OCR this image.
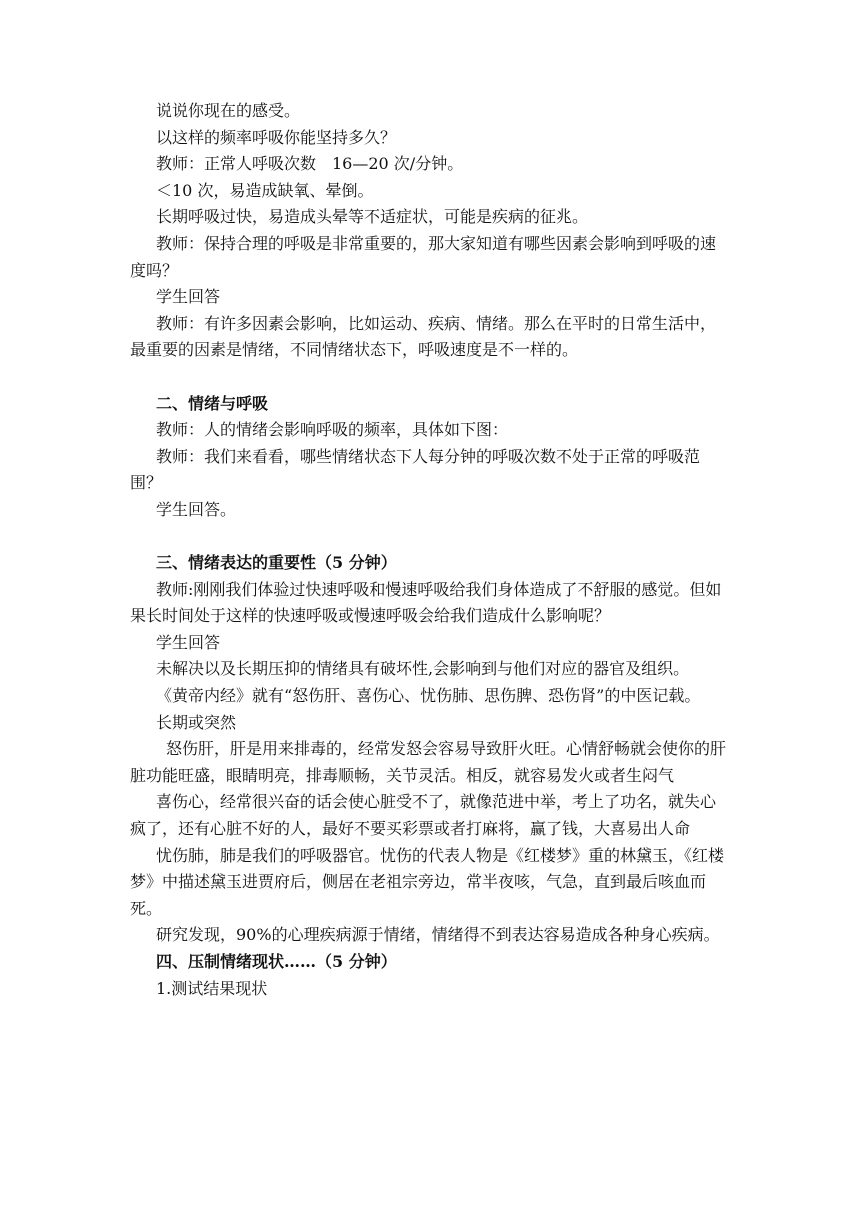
说说你现在的感受。

以这样的频率呼吸你能坚持多久？

教师：正常人呼吸次数　16—20 次/分钟。

＜10 次，易造成缺氧、晕倒。

长期呼吸过快，易造成头晕等不适症状，可能是疾病的征兆。

教师：保持合理的呼吸是非常重要的，那大家知道有哪些因素会影响到呼吸的速度吗？

学生回答

教师：有许多因素会影响，比如运动、疾病、情绪。那么在平时的日常生活中，最重要的因素是情绪，不同情绪状态下，呼吸速度是不一样的。

二、情绪与呼吸

教师：人的情绪会影响呼吸的频率，具体如下图：

教师：我们来看看，哪些情绪状态下人每分钟的呼吸次数不处于正常的呼吸范围？

学生回答。

三、情绪表达的重要性（5 分钟）

教师:刚刚我们体验过快速呼吸和慢速呼吸给我们身体造成了不舒服的感觉。但如果长时间处于这样的快速呼吸或慢速呼吸会给我们造成什么影响呢？

学生回答

未解决以及长期压抑的情绪具有破坏性,会影响到与他们对应的器官及组织。

《黄帝内经》就有“怒伤肝、喜伤心、忧伤肺、思伤脾、恐伤肾”的中医记载。

长期或突然

怒伤肝，肝是用来排毒的，经常发怒会容易导致肝火旺。心情舒畅就会使你的肝脏功能旺盛，眼睛明亮，排毒顺畅，关节灵活。相反，就容易发火或者生闷气

喜伤心，经常很兴奋的话会使心脏受不了，就像范进中举，考上了功名，就失心疯了，还有心脏不好的人，最好不要买彩票或者打麻将，赢了钱，大喜易出人命

忧伤肺，肺是我们的呼吸器官。忧伤的代表人物是《红楼梦》重的林黛玉，《红楼梦》中描述黛玉进贾府后，侧居在老祖宗旁边，常半夜咳，气急，直到最后咳血而死。

研究发现，90%的心理疾病源于情绪，情绪得不到表达容易造成各种身心疾病。

四、压制情绪现状……（5 分钟）

1.测试结果现状
